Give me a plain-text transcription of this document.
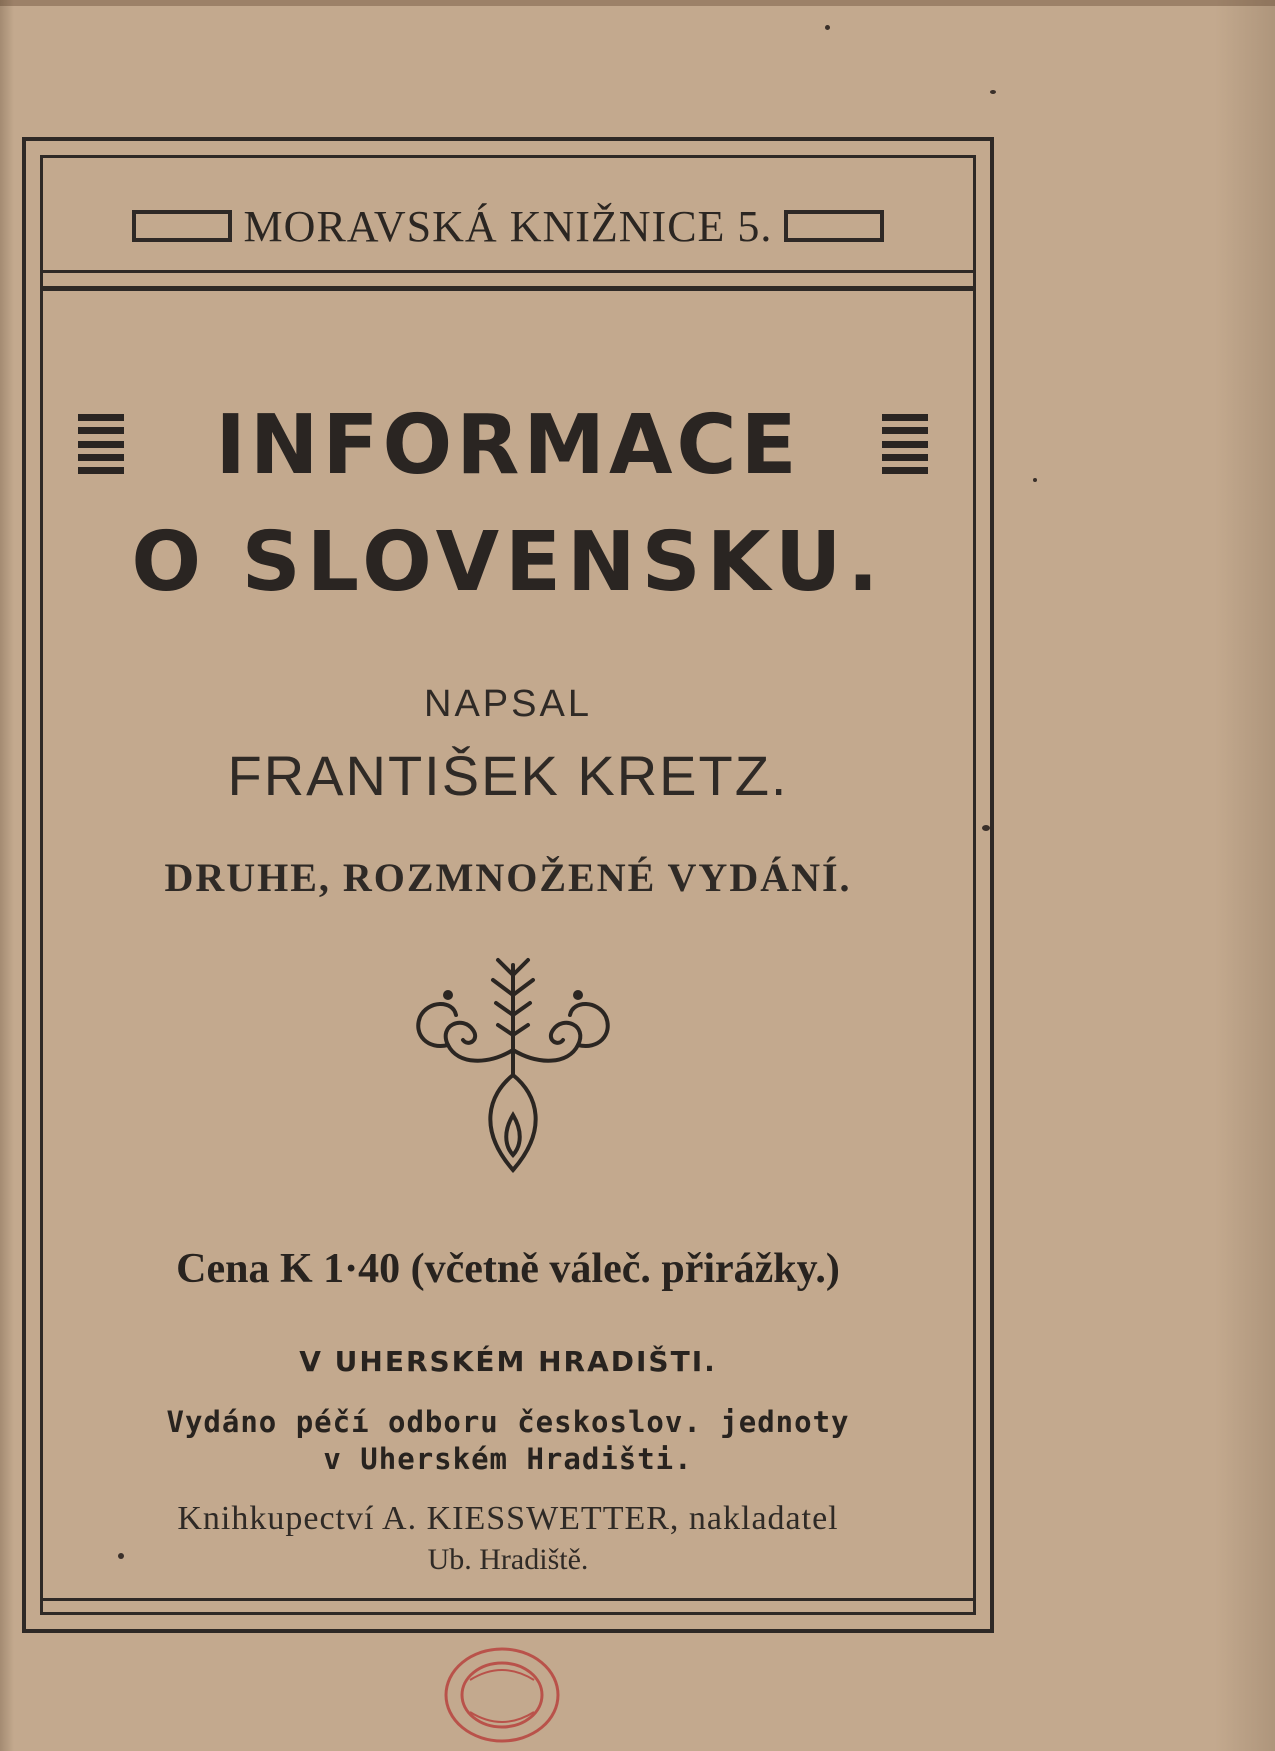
MORAVSKÁ KNIŽNICE 5.
INFORMACE
O SLOVENSKU.
NAPSAL
FRANTIŠEK KRETZ.
DRUHE, ROZMNOŽENÉ VYDÁNÍ.
Cena K 1·40 (včetně váleč. přirážky.)
V UHERSKÉM HRADIŠTI.
Vydáno péčí odboru českoslov. jednoty
v Uherském Hradišti.
Knihkupectví A. KIESSWETTER, nakladatel
Ub. Hradiště.
